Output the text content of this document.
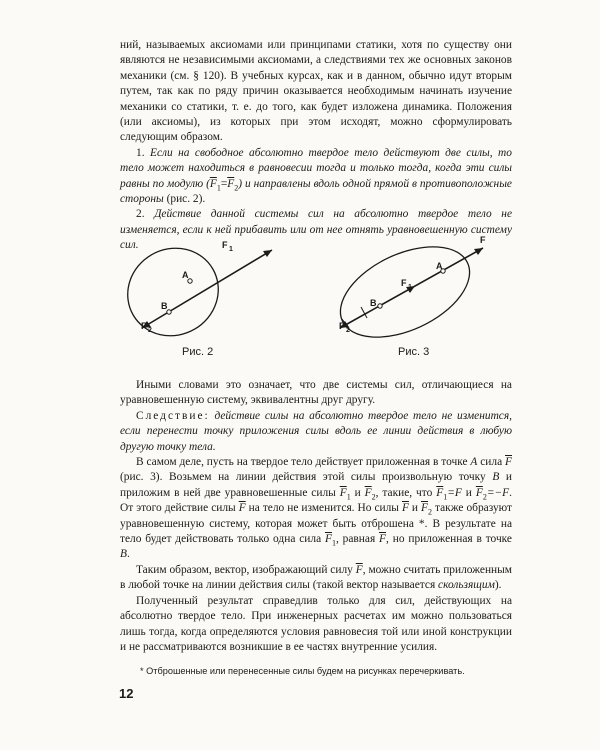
ний, называемых аксиомами или принципами статики, хотя по существу они являются не независимыми аксиомами, а следствиями тех же основных законов механики (см. § 120). В учебных курсах, как и в данном, обычно идут вторым путем, так как по ряду причин оказывается необходимым начинать изучение механики со статики, т. е. до того, как будет изложена динамика. Положения (или аксиомы), из которых при этом исходят, можно сформулировать следующим образом.

1. Если на свободное абсолютно твердое тело действуют две силы, то тело может находиться в равновесии тогда и только тогда, когда эти силы равны по модулю $(\overline{F}_1=\overline{F}_2)$ и направлены вдоль одной прямой в противоположные стороны (рис. 2).

2. Действие данной системы сил на абсолютно твердое тело не изменяется, если к ней прибавить или от нее отнять уравновешенную систему сил.	F 1
F 2
A
B
F
F 1
F 2
A
B
Рис. 2	Рис. 3

Иными словами это означает, что две системы сил, отличающиеся на уравновешенную систему, эквивалентны друг другу.

Следствие: действие силы на абсолютно твердое тело не изменится, если перенести точку приложения силы вдоль ее линии действия в любую другую точку тела.

В самом деле, пусть на твердое тело действует приложенная в точке A сила $\overline{F}$ (рис. 3). Возьмем на линии действия этой силы произвольную точку B и приложим в ней две уравновешенные силы $\overline{F}_1$ и $\overline{F}_2$, такие, что $\overline{F}_1=F$ и $\overline{F}_2=-F$. От этого действие силы $\overline{F}$ на тело не изменится. Но силы $\overline{F}$ и $\overline{F}_2$ также образуют уравновешенную систему, которая может быть отброшена *. В результате на тело будет действовать только одна сила $\overline{F}_1$, равная $\overline{F}$, но приложенная в точке B.

Таким образом, вектор, изображающий силу $\overline{F}$, можно считать приложенным в любой точке на линии действия силы (такой вектор называется скользящим).

Полученный результат справедлив только для сил, действующих на абсолютно твердое тело. При инженерных расчетах им можно пользоваться лишь тогда, когда определяются условия равновесия той или иной конструкции и не рассматриваются возникшие в ее частях внутренние усилия.

* Отброшенные или перенесенные силы будем на рисунках перечеркивать.
12
